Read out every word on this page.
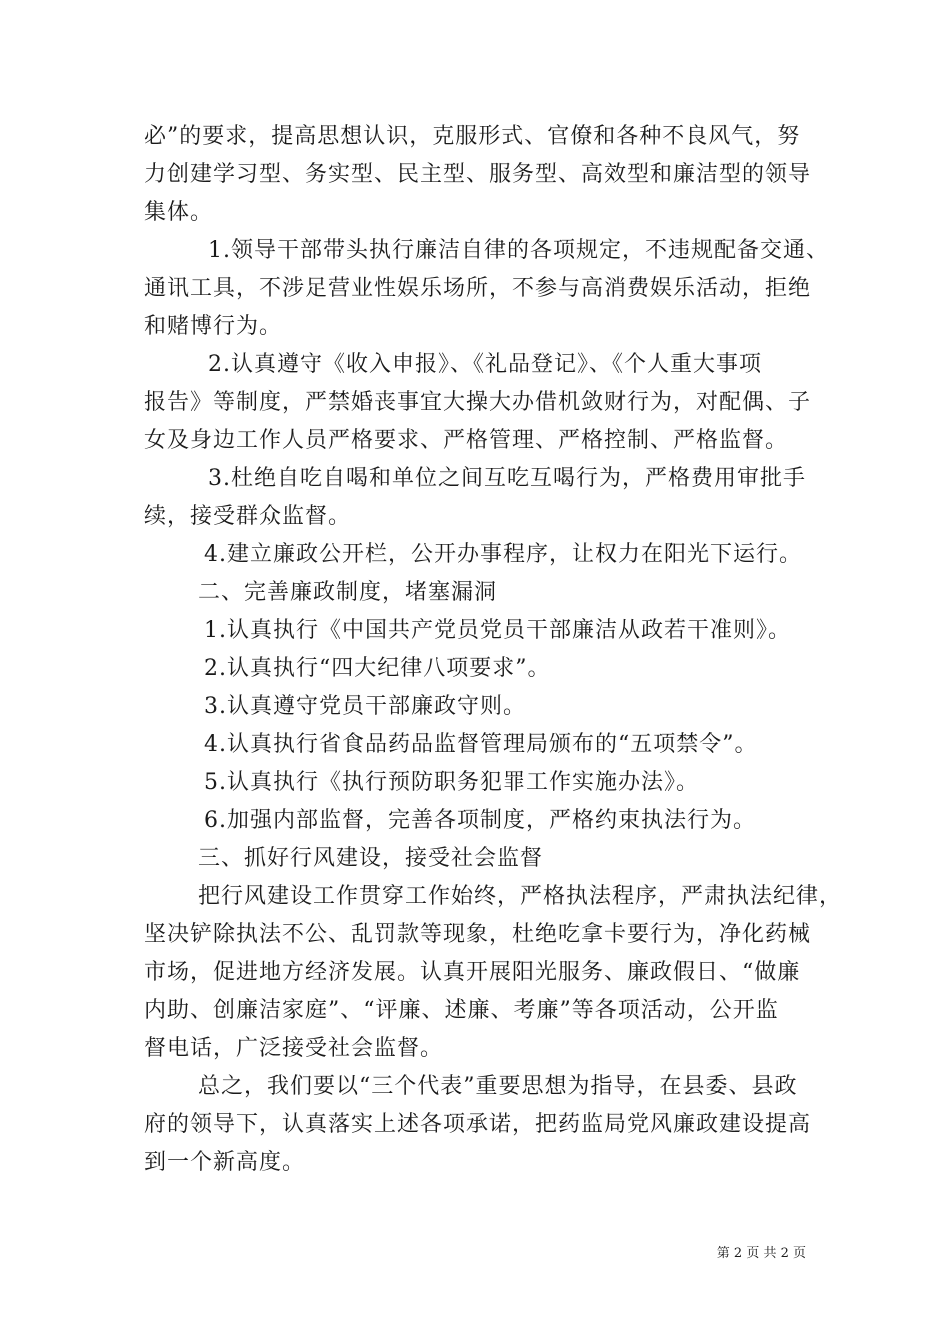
必”的要求，提高思想认识，克服形式、官僚和各种不良风气，努
力创建学习型、务实型、民主型、服务型、高效型和廉洁型的领导
集体。
1.领导干部带头执行廉洁自律的各项规定，不违规配备交通、
通讯工具，不涉足营业性娱乐场所，不参与高消费娱乐活动，拒绝
和赌博行为。
2.认真遵守《收入申报》、《礼品登记》、《个人重大事项
报告》等制度，严禁婚丧事宜大操大办借机敛财行为，对配偶、子
女及身边工作人员严格要求、严格管理、严格控制、严格监督。
3.杜绝自吃自喝和单位之间互吃互喝行为，严格费用审批手
续，接受群众监督。
4.建立廉政公开栏，公开办事程序，让权力在阳光下运行。
二、完善廉政制度，堵塞漏洞
1.认真执行《中国共产党员党员干部廉洁从政若干准则》。
2.认真执行“四大纪律八项要求”。
3.认真遵守党员干部廉政守则。
4.认真执行省食品药品监督管理局颁布的“五项禁令”。
5.认真执行《执行预防职务犯罪工作实施办法》。
6.加强内部监督，完善各项制度，严格约束执法行为。
三、抓好行风建设，接受社会监督
把行风建设工作贯穿工作始终，严格执法程序，严肃执法纪律，
坚决铲除执法不公、乱罚款等现象，杜绝吃拿卡要行为，净化药械
市场，促进地方经济发展。认真开展阳光服务、廉政假日、“做廉
内助、创廉洁家庭”、“评廉、述廉、考廉”等各项活动，公开监
督电话，广泛接受社会监督。
总之，我们要以“三个代表”重要思想为指导，在县委、县政
府的领导下，认真落实上述各项承诺，把药监局党风廉政建设提高
到一个新高度。
第 2 页 共 2 页
